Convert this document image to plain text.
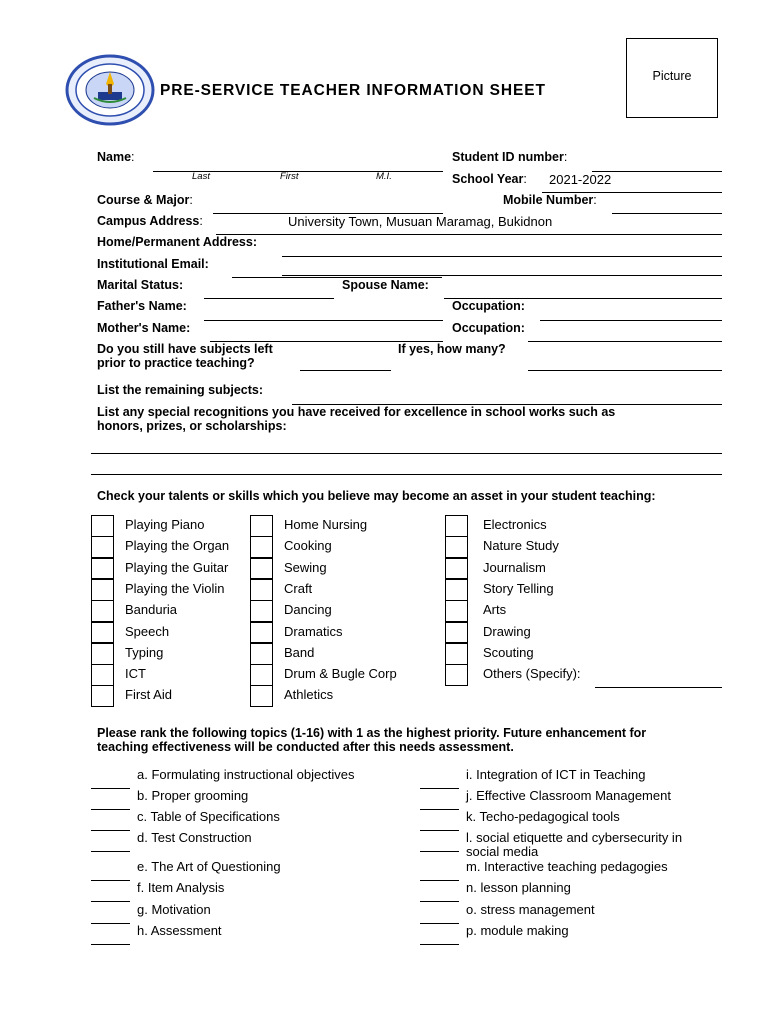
PRE-SERVICE TEACHER INFORMATION SHEET
Picture
Name:
Last	First	M.I.
Student ID number:
School Year: 2021-2022
Course & Major:	Mobile Number:
Campus Address:	University Town, Musuan Maramag, Bukidnon
Home/Permanent Address:
Institutional Email:
Marital Status:	Spouse Name:
Father's Name:	Occupation:
Mother's Name:	Occupation:
Do you still have subjects left
prior to practice teaching?
If yes, how many?
List the remaining subjects:
List any special recognitions you have received for excellence in school works such as
honors, prizes, or scholarships:
Check your talents or skills which you believe may become an asset in your student teaching:
Playing Piano
Playing the Organ
Playing the Guitar
Playing the Violin
Banduria
Speech
Typing
ICT
First Aid
Home Nursing
Cooking
Sewing
Craft
Dancing
Dramatics
Band
Drum & Bugle Corp
Athletics
Electronics
Nature Study
Journalism
Story Telling
Arts
Drawing
Scouting
Others (Specify):
Please rank the following topics (1-16) with 1 as the highest priority. Future enhancement for
teaching effectiveness will be conducted after this needs assessment.
a. Formulating instructional objectives
b. Proper grooming
c. Table of Specifications
d. Test Construction
e. The Art of Questioning
f. Item Analysis
g. Motivation
h. Assessment
i. Integration of ICT in Teaching
j. Effective Classroom Management
k. Techo-pedagogical tools
l. social etiquette and cybersecurity in social media
m. Interactive teaching pedagogies
n. lesson planning
o. stress management
p. module making
